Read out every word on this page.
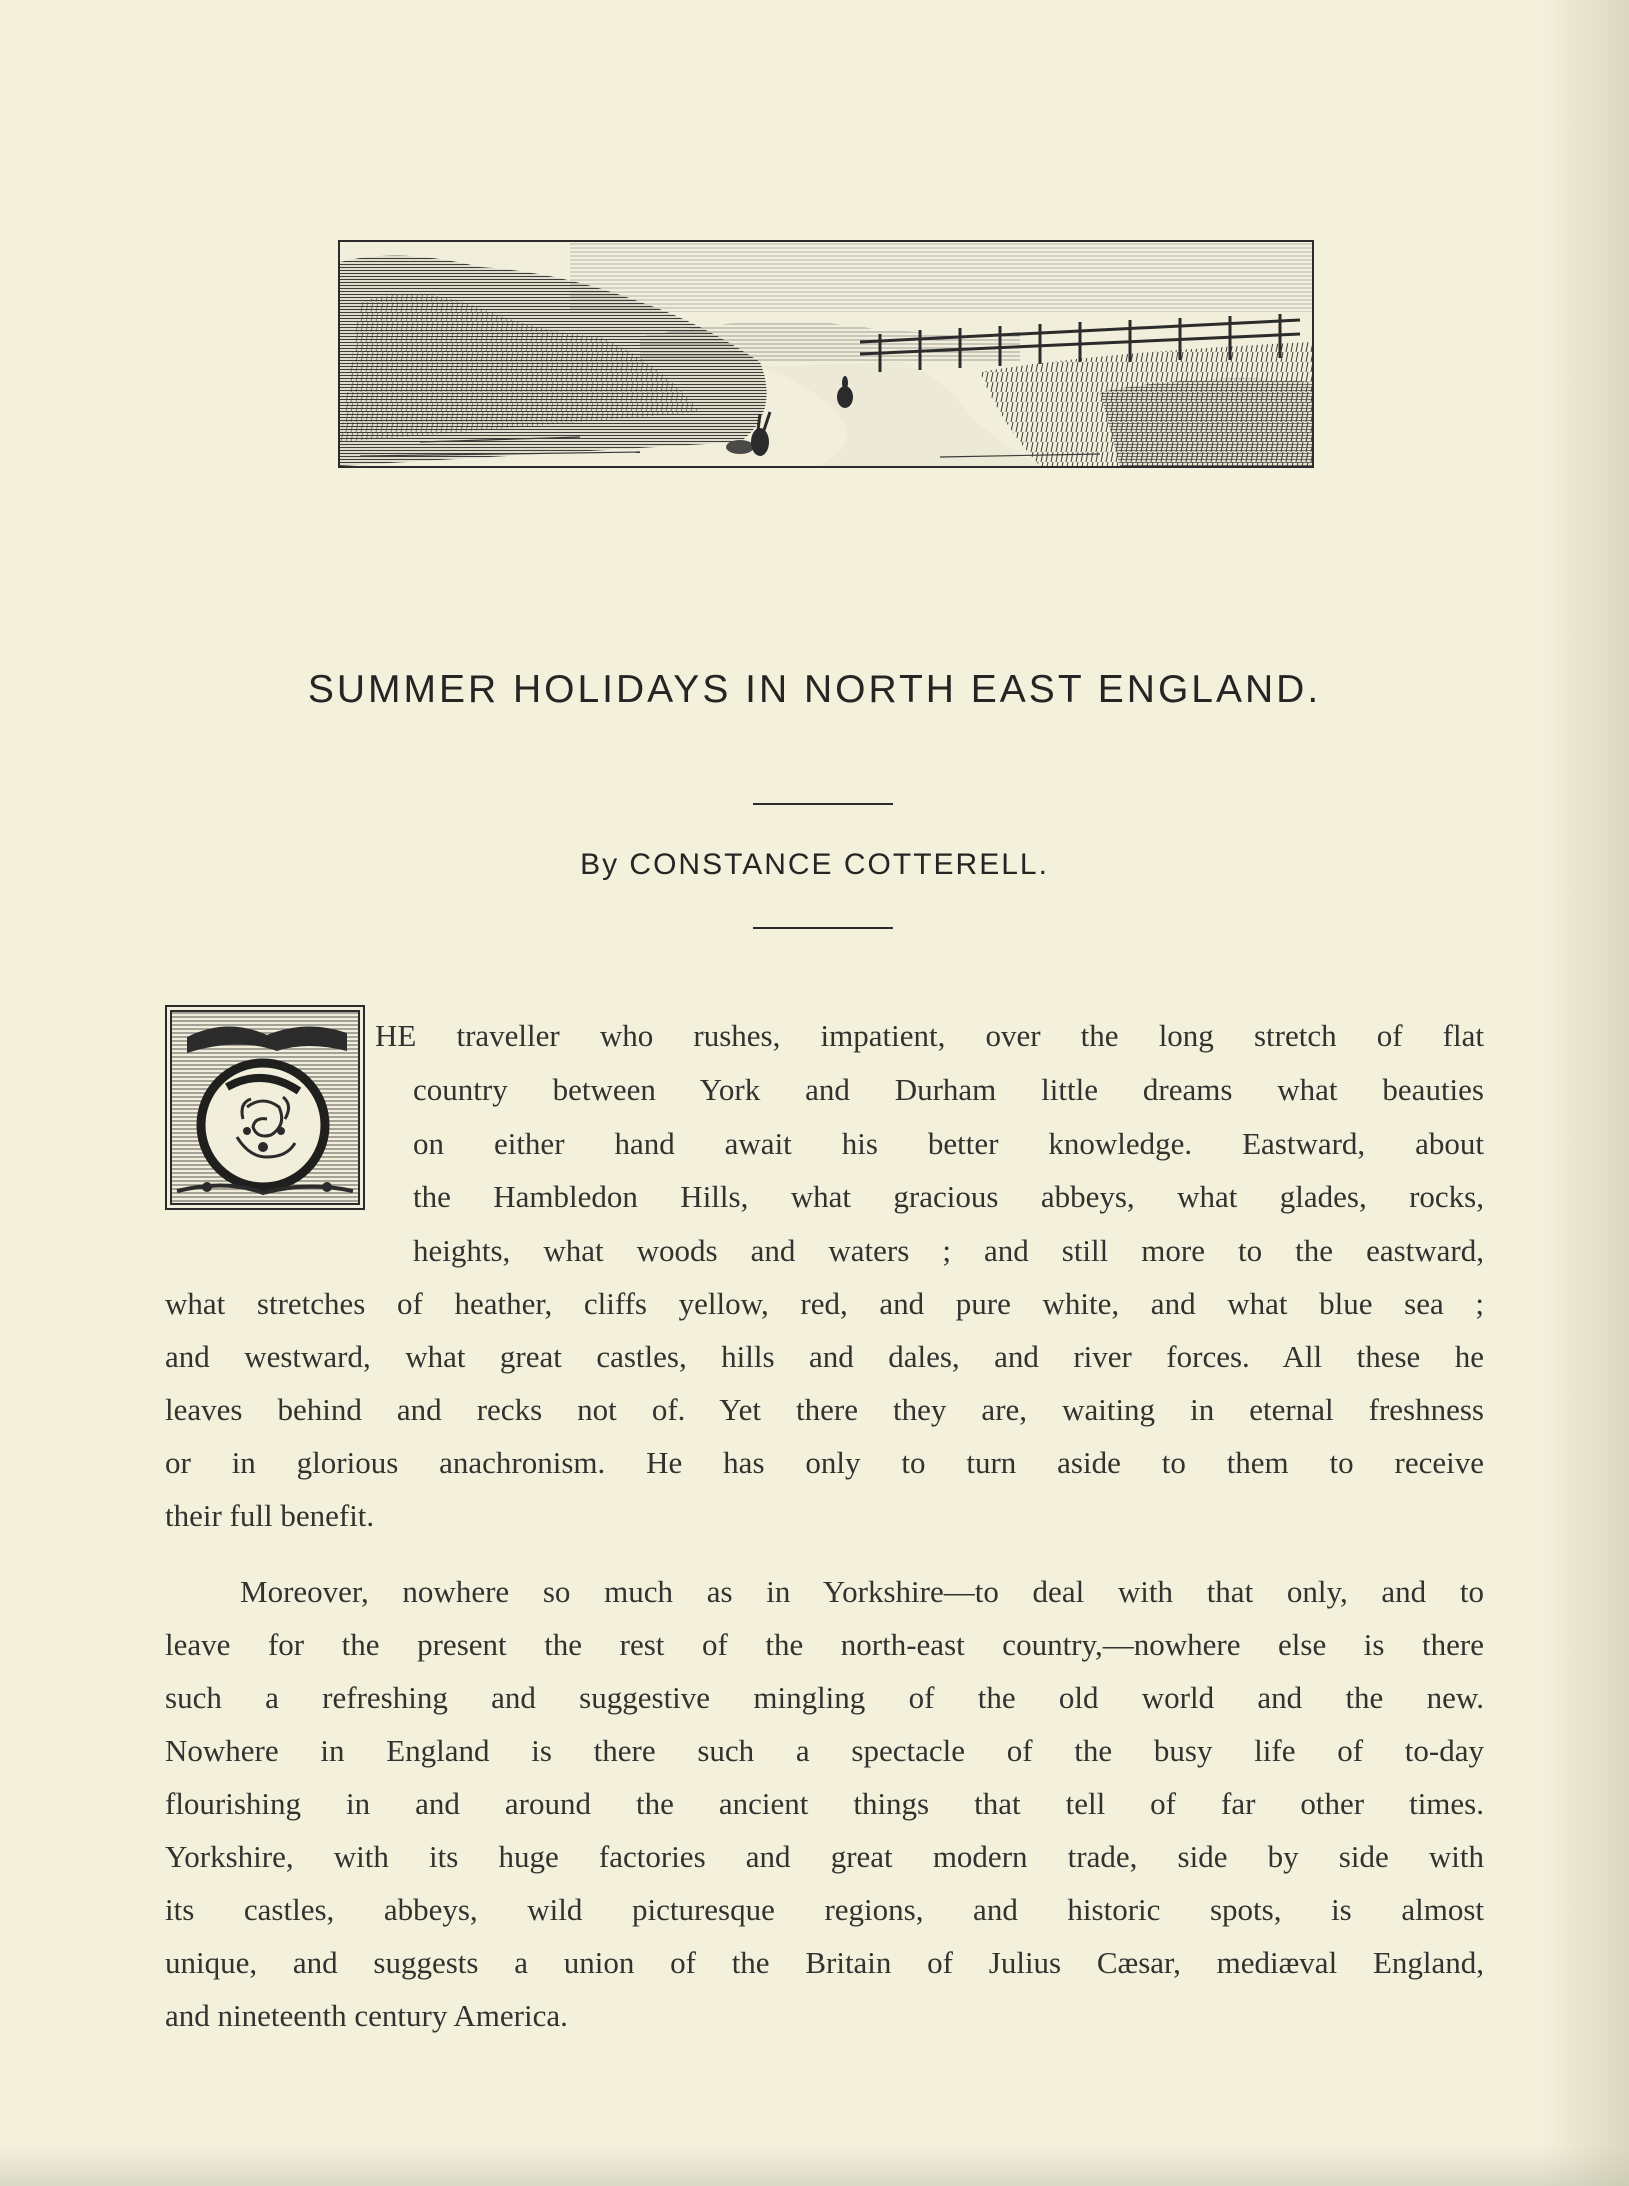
SUMMER HOLIDAYS IN NORTH EAST ENGLAND.
By CONSTANCE COTTERELL.
HE traveller who rushes, impatient, over the long stretch of flat
country between York and Durham little dreams what beauties
on either hand await his better knowledge. Eastward, about
the Hambledon Hills, what gracious abbeys, what glades, rocks,
heights, what woods and waters ; and still more to the eastward,
what stretches of heather, cliffs yellow, red, and pure white, and what blue sea ;
and westward, what great castles, hills and dales, and river forces. All these he
leaves behind and recks not of. Yet there they are, waiting in eternal freshness
or in glorious anachronism. He has only to turn aside to them to receive
their full benefit.
Moreover, nowhere so much as in Yorkshire—to deal with that only, and to
leave for the present the rest of the north-east country,—nowhere else is there
such a refreshing and suggestive mingling of the old world and the new.
Nowhere in England is there such a spectacle of the busy life of to-day
flourishing in and around the ancient things that tell of far other times.
Yorkshire, with its huge factories and great modern trade, side by side with
its castles, abbeys, wild picturesque regions, and historic spots, is almost
unique, and suggests a union of the Britain of Julius Cæsar, mediæval England,
and nineteenth century America.
